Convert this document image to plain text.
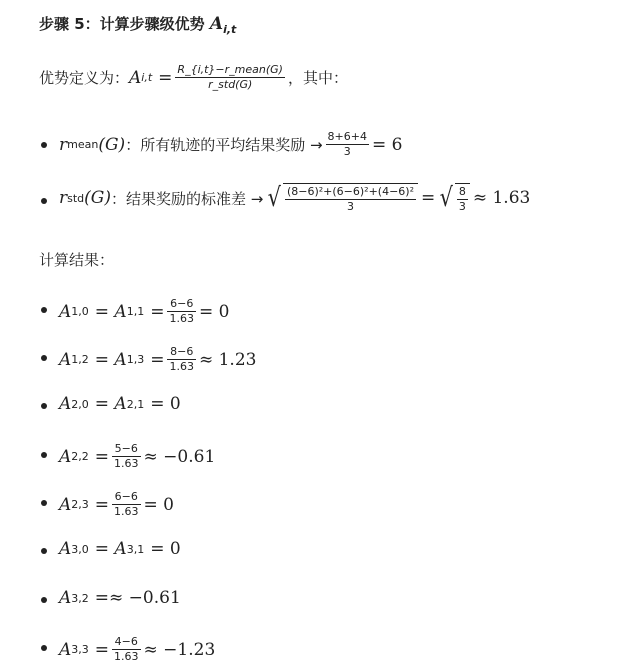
步骤 5：计算步骤级优势 $A_{i,t}$
优势定义为： A $i,t = \frac{\text{R\_\{i,t\}−r\_mean(G)}}{\text{r\_std(G)}}$ ，其中：
r mean (G) ：所有轨迹的平均结果奖励 → $\frac{8+6+4}{3} = 6$
r std (G) ：结果奖励的标准差 → √ $\frac{\text{(8−6)²+(6−6)²+(4−6)²}}{3}$ = √ $\frac{8}{3} \approx 1.63$
计算结果：
A 1,0 = A $1,1 = \frac{6-6}{1.63} = 0$
A 1,2 = A $1,3 = \frac{8-6}{1.63} \approx 1.23$
A 2,0 = A 2,1 = 0
A $2,2 = \frac{5-6}{1.63} \approx -0.61$
A $2,3 = \frac{6-6}{1.63} = 0$
A 3,0 = A 3,1 = 0
A 3,2 =≈ −0.61
A $3,3 = \frac{4-6}{1.63} \approx -1.23$
